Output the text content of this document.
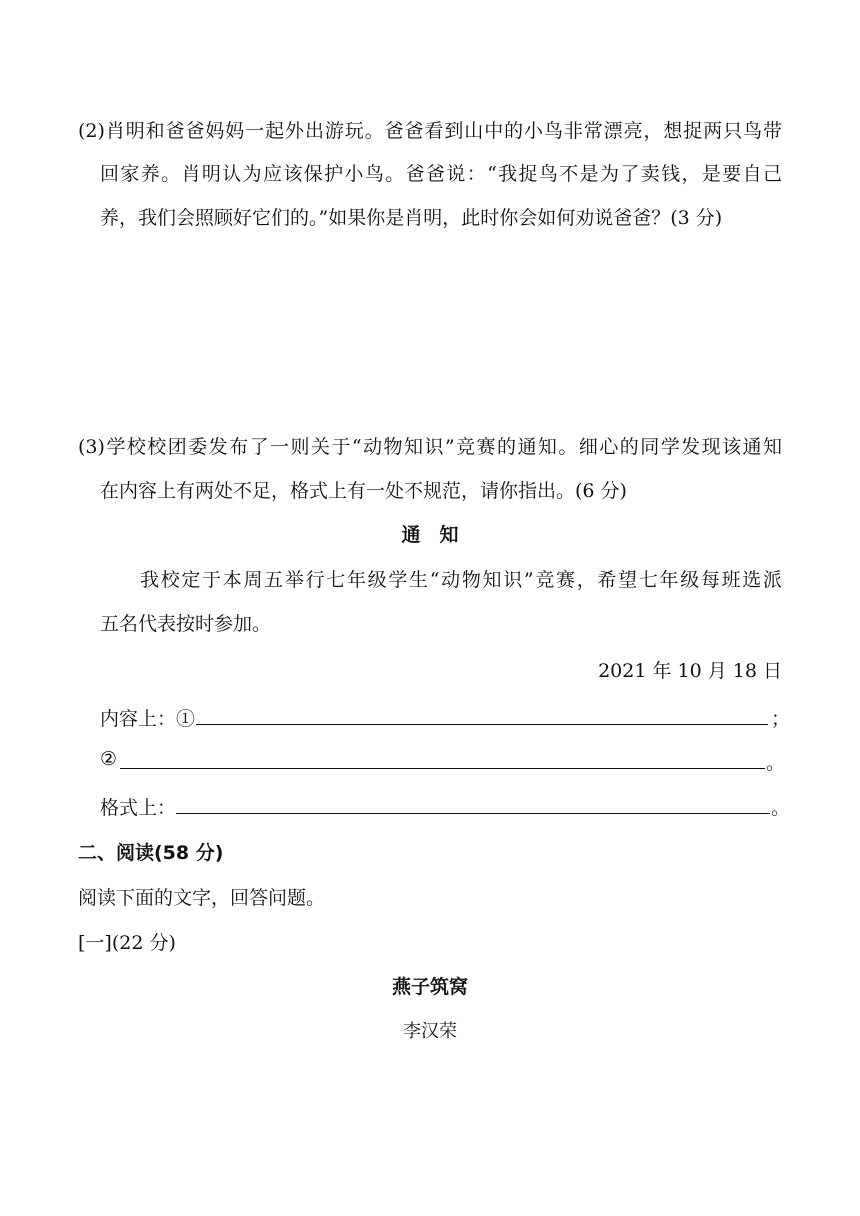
(2)肖明和爸爸妈妈一起外出游玩。爸爸看到山中的小鸟非常漂亮，想捉两只鸟带
回家养。肖明认为应该保护小鸟。爸爸说：“我捉鸟不是为了卖钱，是要自己
养，我们会照顾好它们的。”如果你是肖明，此时你会如何劝说爸爸？(3 分)
(3)学校校团委发布了一则关于“动物知识”竞赛的通知。细心的同学发现该通知
在内容上有两处不足，格式上有一处不规范，请你指出。(6 分)
通　知
我校定于本周五举行七年级学生“动物知识”竞赛，希望七年级每班选派
五名代表按时参加。
2021 年 10 月 18 日
内容上：①	；
②	。
格式上：	。
二、阅读(58 分)
阅读下面的文字，回答问题。
[一](22 分)
燕子筑窝
李汉荣
